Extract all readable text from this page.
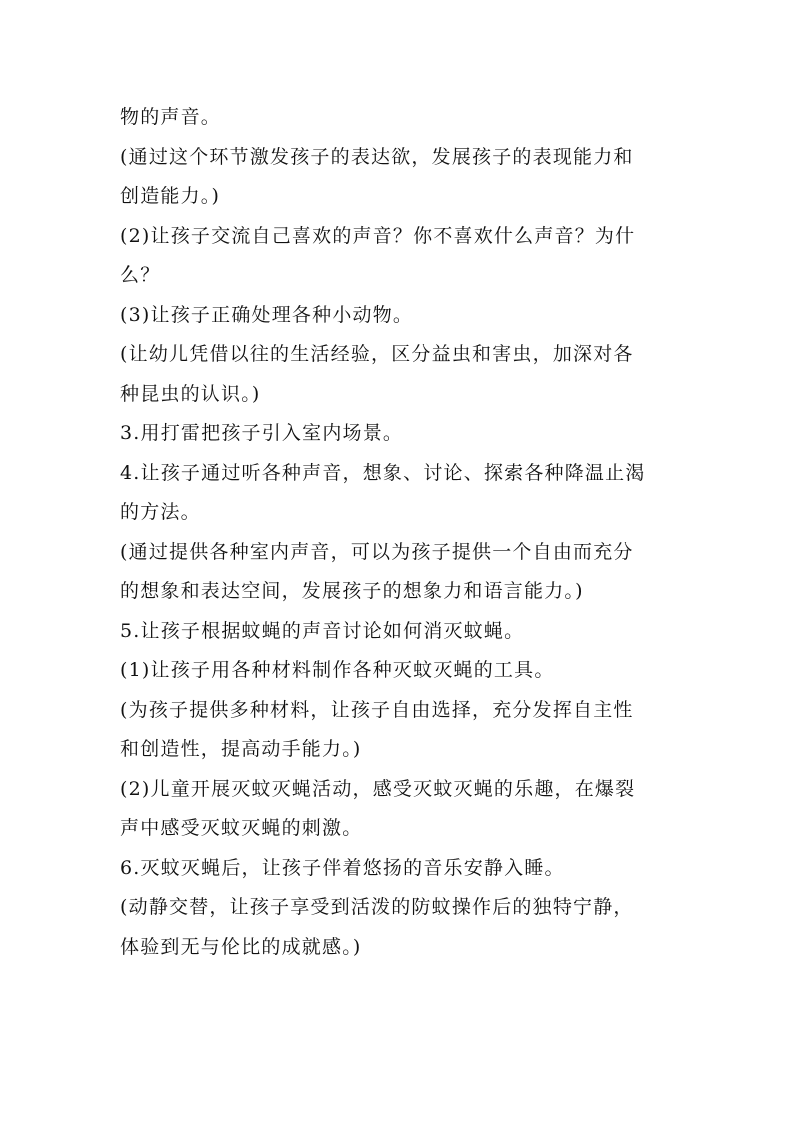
物的声音。
(通过这个环节激发孩子的表达欲，发展孩子的表现能力和
创造能力。)
(2)让孩子交流自己喜欢的声音？你不喜欢什么声音？为什
么？
(3)让孩子正确处理各种小动物。
(让幼儿凭借以往的生活经验，区分益虫和害虫，加深对各
种昆虫的认识。)
3.用打雷把孩子引入室内场景。
4.让孩子通过听各种声音，想象、讨论、探索各种降温止渴
的方法。
(通过提供各种室内声音，可以为孩子提供一个自由而充分
的想象和表达空间，发展孩子的想象力和语言能力。)
5.让孩子根据蚊蝇的声音讨论如何消灭蚊蝇。
(1)让孩子用各种材料制作各种灭蚊灭蝇的工具。
(为孩子提供多种材料，让孩子自由选择，充分发挥自主性
和创造性，提高动手能力。)
(2)儿童开展灭蚊灭蝇活动，感受灭蚊灭蝇的乐趣，在爆裂
声中感受灭蚊灭蝇的刺激。
6.灭蚊灭蝇后，让孩子伴着悠扬的音乐安静入睡。
(动静交替，让孩子享受到活泼的防蚊操作后的独特宁静，
体验到无与伦比的成就感。)
